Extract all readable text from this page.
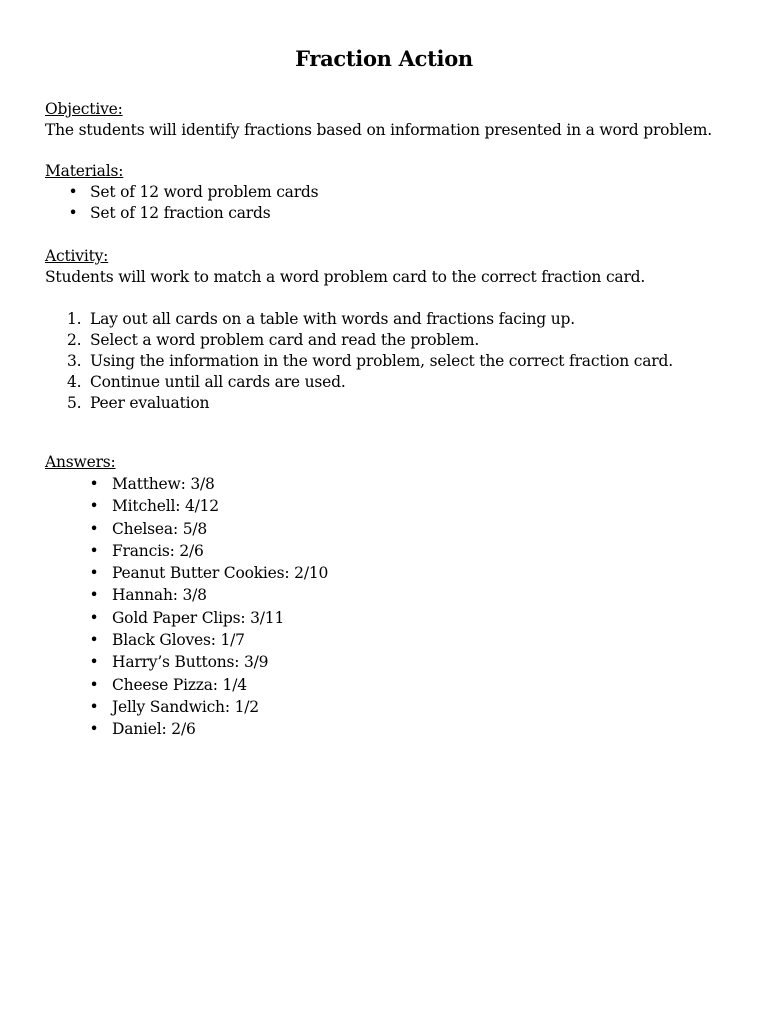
Fraction Action
Objective:
The students will identify fractions based on information presented in a word problem.
Materials:
• Set of 12 word problem cards
• Set of 12 fraction cards
Activity:
Students will work to match a word problem card to the correct fraction card.
1. Lay out all cards on a table with words and fractions facing up.
2. Select a word problem card and read the problem.
3. Using the information in the word problem, select the correct fraction card.
4. Continue until all cards are used.
5. Peer evaluation
Answers:
• Matthew: 3/8
• Mitchell: 4/12
• Chelsea: 5/8
• Francis: 2/6
• Peanut Butter Cookies: 2/10
• Hannah: 3/8
• Gold Paper Clips: 3/11
• Black Gloves: 1/7
• Harry’s Buttons: 3/9
• Cheese Pizza: 1/4
• Jelly Sandwich: 1/2
• Daniel: 2/6
